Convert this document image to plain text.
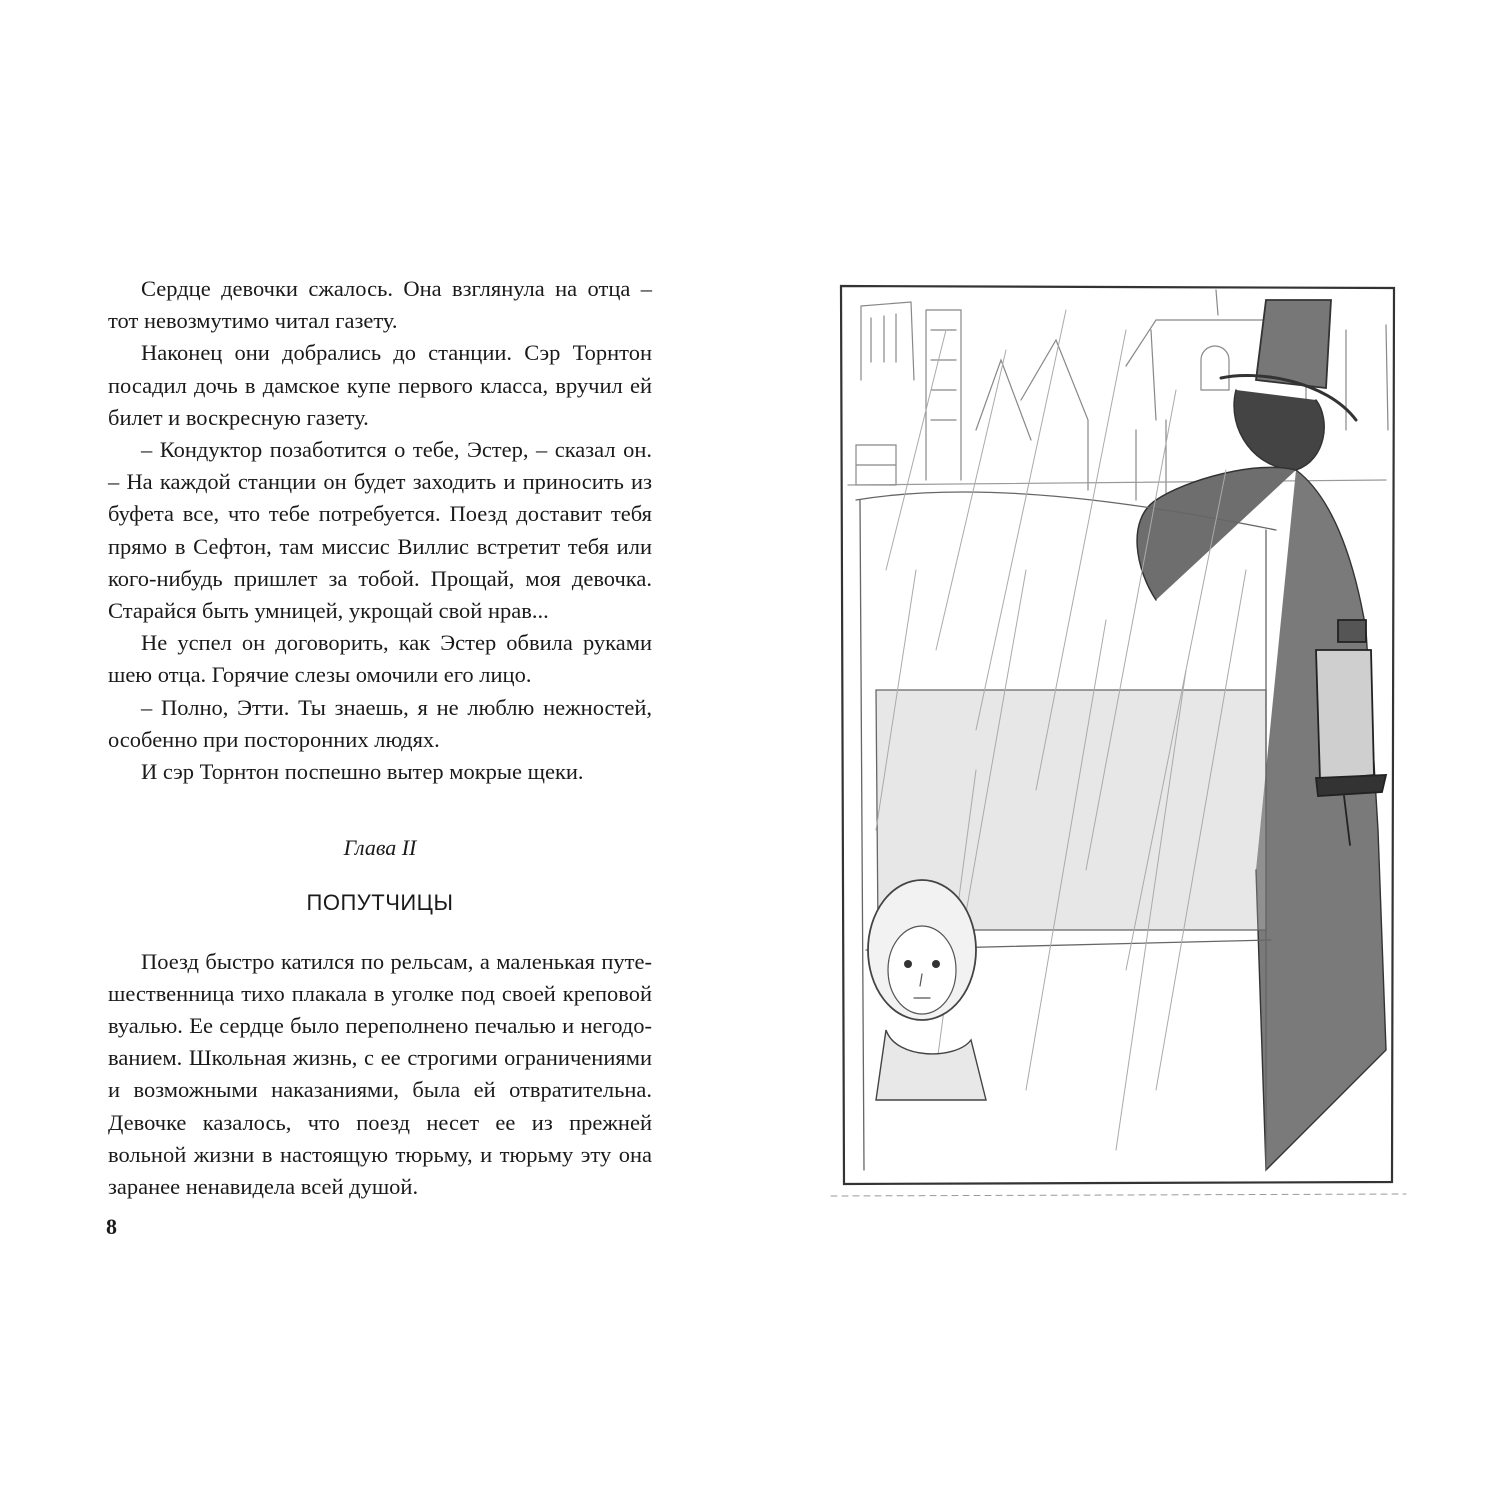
Сердце девочки сжалось. Она взглянула на отца – тот невозмутимо читал газету.

Наконец они добрались до станции. Сэр Торнтон посадил дочь в дамское купе первого класса, вручил ей билет и воскресную газету.

– Кондуктор позаботится о тебе, Эстер, – сказал он. – На каждой станции он будет заходить и приносить из буфета все, что тебе потребуется. Поезд доставит тебя прямо в Сефтон, там миссис Виллис встретит тебя или кого-нибудь пришлет за тобой. Прощай, моя девочка. Старайся быть умницей, укрощай свой нрав...

Не успел он договорить, как Эстер обвила руками шею отца. Горячие слезы омочили его лицо.

– Полно, Этти. Ты знаешь, я не люблю нежностей, особенно при посторонних людях.

И сэр Торнтон поспешно вытер мокрые щеки.

Глава II

ПОПУТЧИЦЫ

Поезд быстро катился по рельсам, а маленькая путешественница тихо плакала в уголке под своей креповой вуалью. Ее сердце было переполнено печалью и негодованием. Школьная жизнь, с ее строгими ограничениями и возможными наказаниями, была ей отвратительна. Девочке казалось, что поезд несет ее из прежней вольной жизни в настоящую тюрьму, и тюрьму эту она заранее ненавидела всей душой.

8
